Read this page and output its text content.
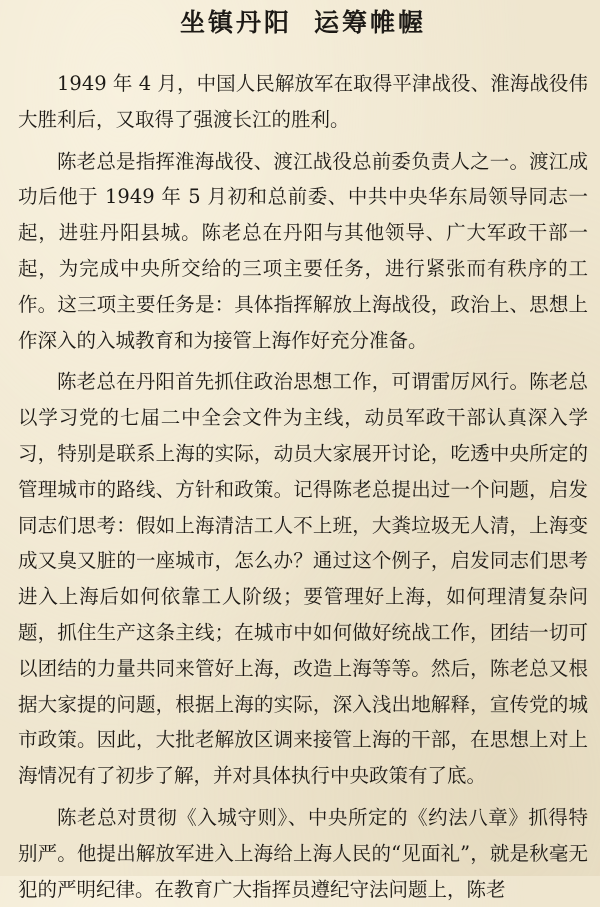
坐镇丹阳 运筹帷幄

1949 年 4 月，中国人民解放军在取得平津战役、淮海战役伟大胜利后，又取得了强渡长江的胜利。

陈老总是指挥淮海战役、渡江战役总前委负责人之一。渡江成功后他于 1949 年 5 月初和总前委、中共中央华东局领导同志一起，进驻丹阳县城。陈老总在丹阳与其他领导、广大军政干部一起，为完成中央所交给的三项主要任务，进行紧张而有秩序的工作。这三项主要任务是：具体指挥解放上海战役，政治上、思想上作深入的入城教育和为接管上海作好充分准备。

陈老总在丹阳首先抓住政治思想工作，可谓雷厉风行。陈老总以学习党的七届二中全会文件为主线，动员军政干部认真深入学习，特别是联系上海的实际，动员大家展开讨论，吃透中央所定的管理城市的路线、方针和政策。记得陈老总提出过一个问题，启发同志们思考：假如上海清洁工人不上班，大粪垃圾无人清，上海变成又臭又脏的一座城市，怎么办？通过这个例子，启发同志们思考进入上海后如何依靠工人阶级；要管理好上海，如何理清复杂问题，抓住生产这条主线；在城市中如何做好统战工作，团结一切可以团结的力量共同来管好上海，改造上海等等。然后，陈老总又根据大家提的问题，根据上海的实际，深入浅出地解释，宣传党的城市政策。因此，大批老解放区调来接管上海的干部，在思想上对上海情况有了初步了解，并对具体执行中央政策有了底。

陈老总对贯彻《入城守则》、中央所定的《约法八章》抓得特别严。他提出解放军进入上海给上海人民的“见面礼”，就是秋毫无犯的严明纪律。在教育广大指挥员遵纪守法问题上，陈老
